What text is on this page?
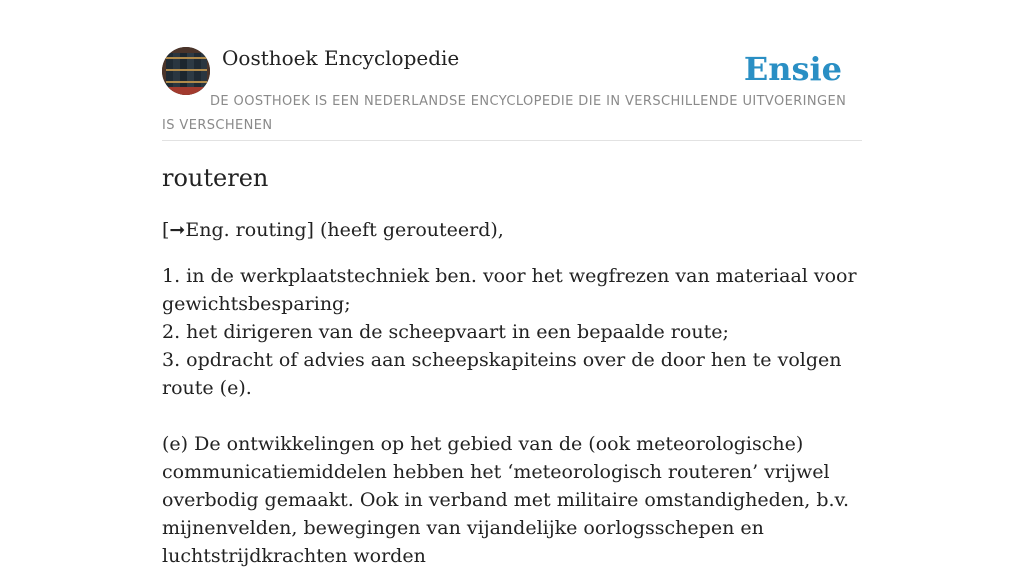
Oosthoek Encyclopedie	Ensie
DE OOSTHOEK IS EEN NEDERLANDSE ENCYCLOPEDIE DIE IN VERSCHILLENDE UITVOERINGEN IS VERSCHENEN
routeren
[➞Eng. routing] (heeft gerouteerd),
1. in de werkplaatstechniek ben. voor het wegfrezen van materiaal voor gewichtsbesparing;
2. het dirigeren van de scheepvaart in een bepaalde route;
3. opdracht of advies aan scheepskapiteins over de door hen te volgen route (e).
(e) De ontwikkelingen op het gebied van de (ook meteorologische) communicatiemiddelen hebben het ‘meteorologisch routeren’ vrijwel overbodig gemaakt. Ook in verband met militaire omstandigheden, b.v. mijnenvelden, bewegingen van vijandelijke oorlogsschepen en luchtstrijdkrachten worden
